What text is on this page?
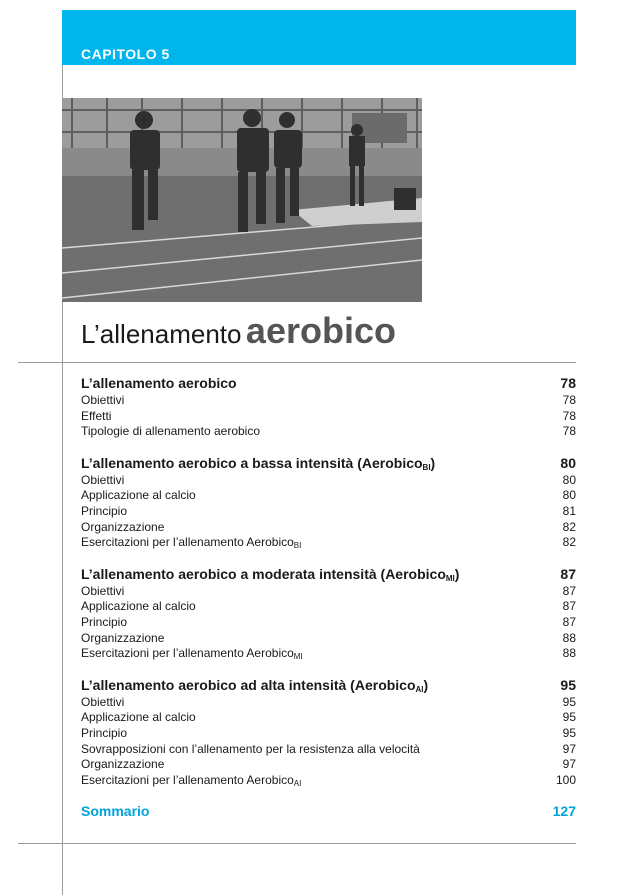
CAPITOLO 5
L’allenamento aerobico
L’allenamento aerobico	78
Obiettivi	78
Effetti	78
Tipologie di allenamento aerobico	78
L’allenamento aerobico a bassa intensità (Aerobico$_{BI}$)	80
Obiettivi	80
Applicazione al calcio	80
Principio	81
Organizzazione	82
Esercitazioni per l’allenamento Aerobico$_{BI}$	82
L’allenamento aerobico a moderata intensità (Aerobico$_{MI}$)	87
Obiettivi	87
Applicazione al calcio	87
Principio	87
Organizzazione	88
Esercitazioni per l’allenamento Aerobico$_{MI}$	88
L’allenamento aerobico ad alta intensità (Aerobico$_{AI}$)	95
Obiettivi	95
Applicazione al calcio	95
Principio	95
Sovrapposizioni con l’allenamento per la resistenza alla velocità	97
Organizzazione	97
Esercitazioni per l’allenamento Aerobico$_{AI}$	100
Sommario	127
